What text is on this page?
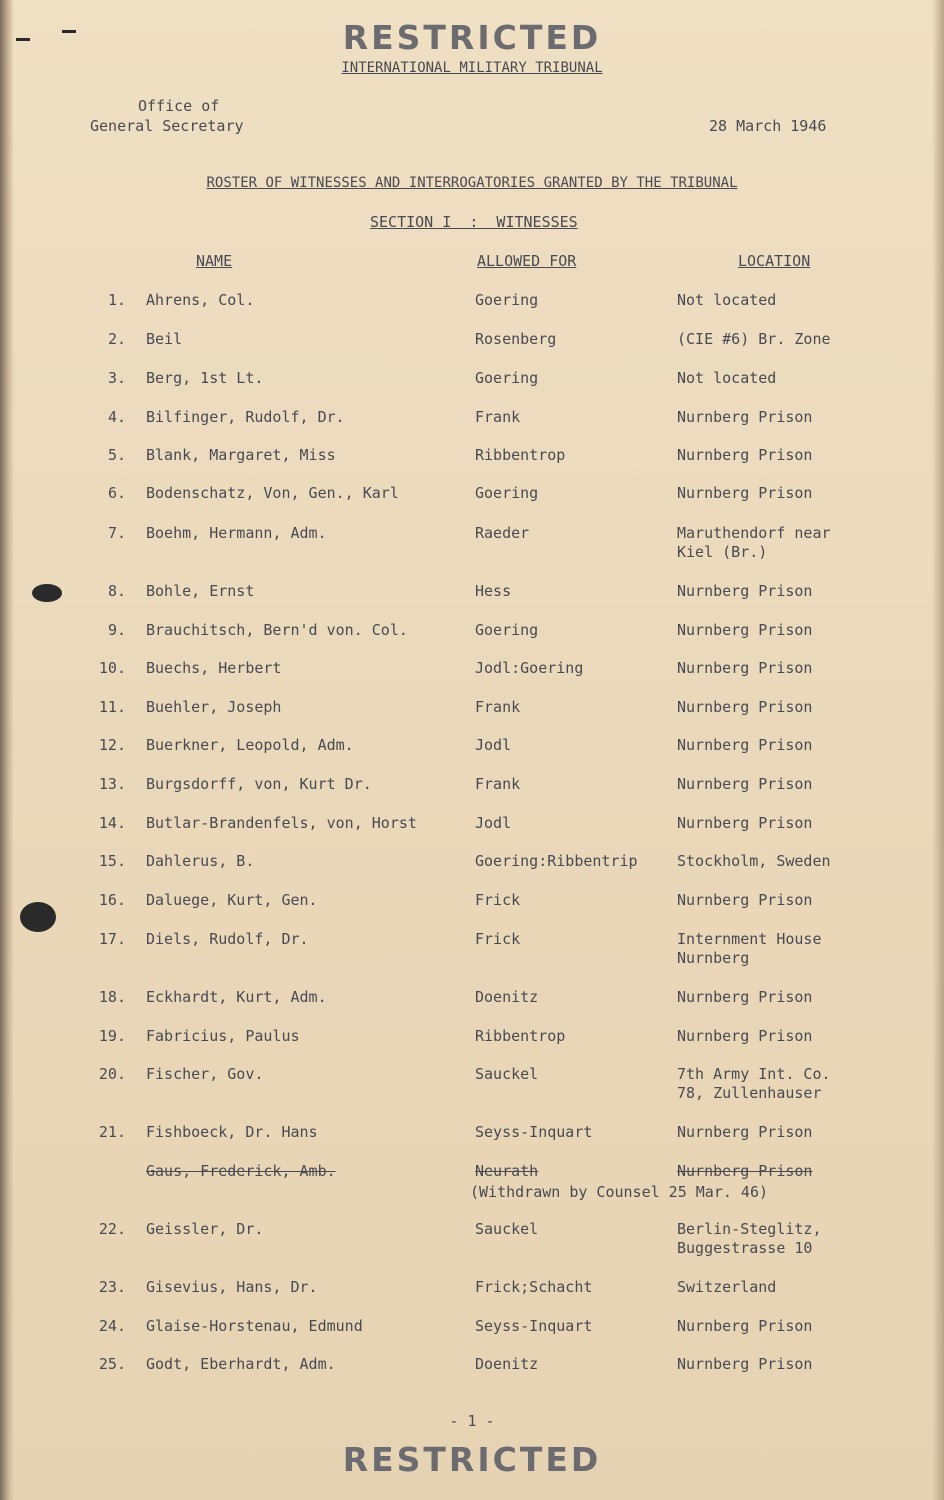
RESTRICTED
INTERNATIONAL MILITARY TRIBUNAL
Office of
General Secretary	28 March 1946
ROSTER OF WITNESSES AND INTERROGATORIES GRANTED BY THE TRIBUNAL
SECTION I  :  WITNESSES
NAME	ALLOWED FOR	LOCATION
1. Ahrens, Col.	Goering	Not located
2. Beil	Rosenberg	(CIE #6) Br. Zone
3. Berg, 1st Lt.	Goering	Not located
4. Bilfinger, Rudolf, Dr.	Frank	Nurnberg Prison
5. Blank, Margaret, Miss	Ribbentrop	Nurnberg Prison
6. Bodenschatz, Von, Gen., Karl	Goering	Nurnberg Prison
7. Boehm, Hermann, Adm.	Raeder	Maruthendorf near
Kiel (Br.)
8. Bohle, Ernst	Hess	Nurnberg Prison
9. Brauchitsch, Bern'd von. Col.	Goering	Nurnberg Prison
10. Buechs, Herbert	Jodl:Goering	Nurnberg Prison
11. Buehler, Joseph	Frank	Nurnberg Prison
12. Buerkner, Leopold, Adm.	Jodl	Nurnberg Prison
13. Burgsdorff, von, Kurt Dr.	Frank	Nurnberg Prison
14. Butlar-Brandenfels, von, Horst	Jodl	Nurnberg Prison
15. Dahlerus, B.	Goering:Ribbentrip	Stockholm, Sweden
16. Daluege, Kurt, Gen.	Frick	Nurnberg Prison
17. Diels, Rudolf, Dr.	Frick	Internment House
Nurnberg
18. Eckhardt, Kurt, Adm.	Doenitz	Nurnberg Prison
19. Fabricius, Paulus	Ribbentrop	Nurnberg Prison
20. Fischer, Gov.	Sauckel	7th Army Int. Co.
78, Zullenhauser
21. Fishboeck, Dr. Hans	Seyss-Inquart	Nurnberg Prison
Gaus, Frederick, Amb.	Neurath	Nurnberg Prison
(Withdrawn by Counsel 25 Mar. 46)
22. Geissler, Dr.	Sauckel	Berlin-Steglitz,
Buggestrasse 10
23. Gisevius, Hans, Dr.	Frick;Schacht	Switzerland
24. Glaise-Horstenau, Edmund	Seyss-Inquart	Nurnberg Prison
25. Godt, Eberhardt, Adm.	Doenitz	Nurnberg Prison
- 1 -
RESTRICTED
